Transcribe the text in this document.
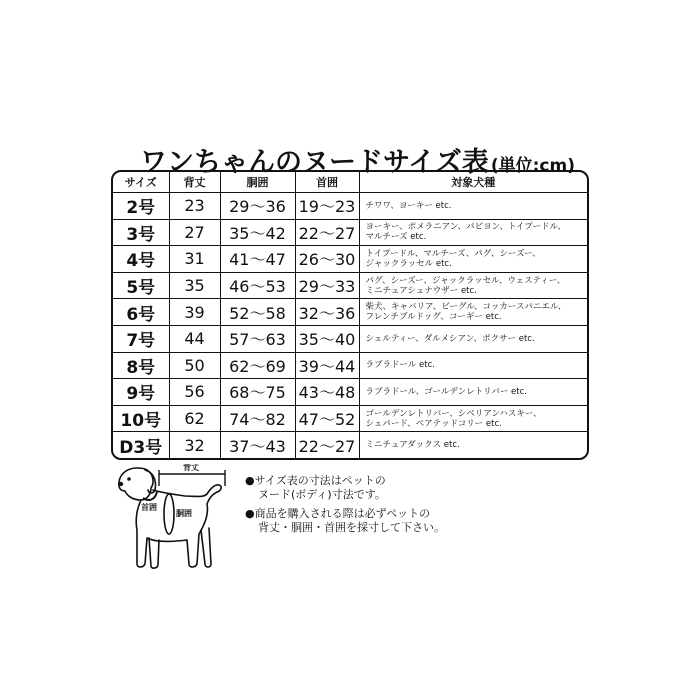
ワンちゃんのヌードサイズ表 (単位:cm)
サイズ	背丈	胴囲	首囲	対象犬種
2号	23	29〜36	19〜23	チワワ、ヨーキー etc.

3号	27	35〜42	22〜27	ヨーキー、ポメラニアン、パピヨン、トイプードル、
マルチーズ etc.

4号	31	41〜47	26〜30	トイプードル、マルチーズ、パグ、シーズー、
ジャックラッセル etc.

5号	35	46〜53	29〜33	パグ、シーズー、ジャックラッセル、ウェスティー、
ミニチュアシュナウザー etc.

6号	39	52〜58	32〜36	柴犬、キャバリア、ビーグル、コッカースパニエル、
フレンチブルドッグ、コーギー etc.

7号	44	57〜63	35〜40	シェルティー、ダルメシアン、ボクサー etc.

8号	50	62〜69	39〜44	ラブラドール etc.

9号	56	68〜75	43〜48	ラブラドール、ゴールデンレトリバー etc.

10号	62	74〜82	47〜52	ゴールデンレトリバー、シベリアンハスキー、
シェパード、ベアテッドコリー etc.

D3号	32	37〜43	22〜27	ミニチュアダックス etc.
背丈
首囲
胴囲

●サイズ表の寸法はペットの
ヌード(ボディ)寸法です。

●商品を購入される際は必ずペットの
背丈・胴囲・首囲を採寸して下さい。
